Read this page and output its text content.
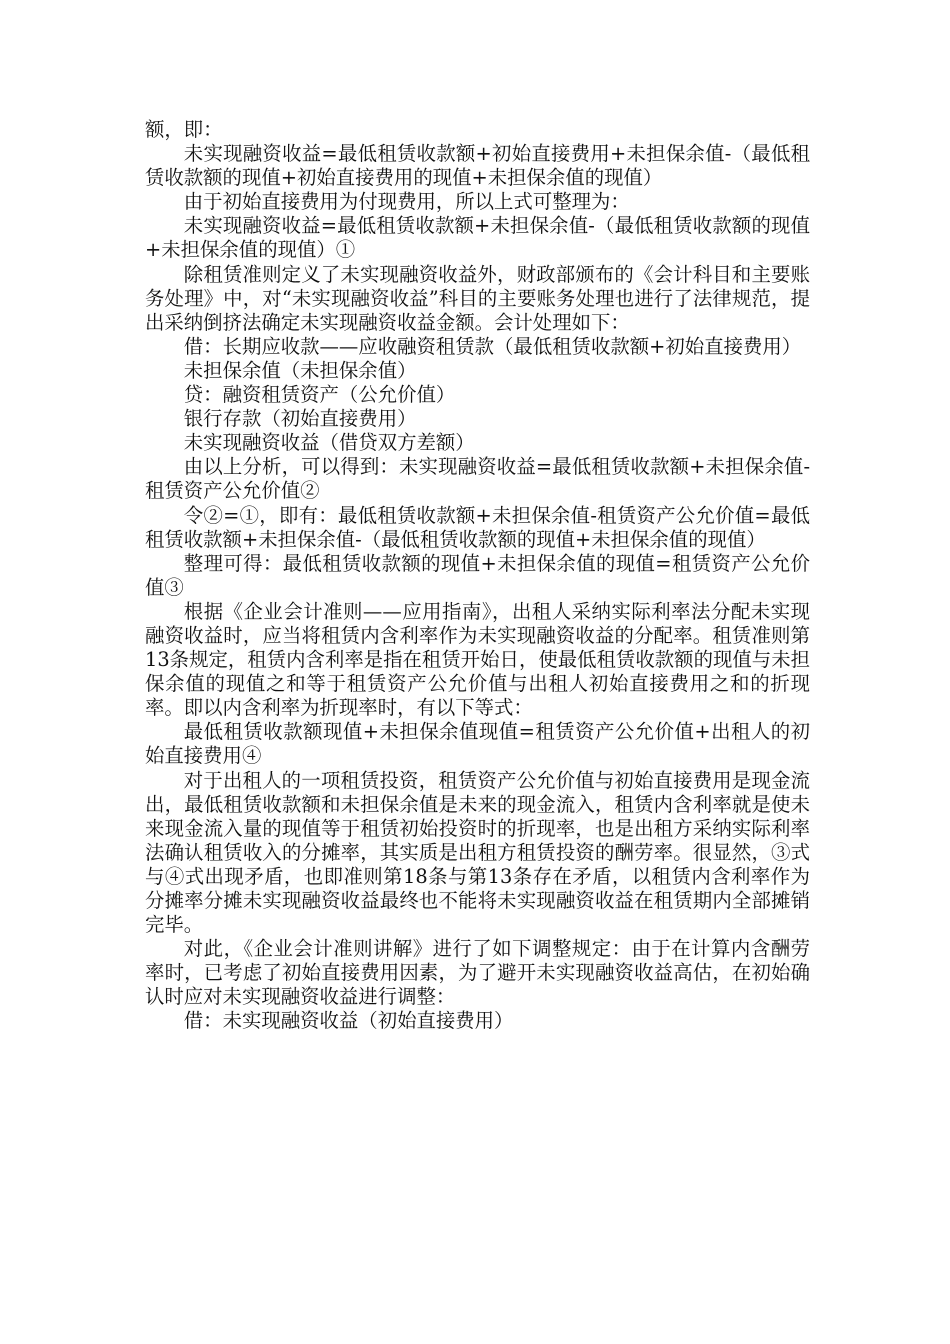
额，即：

未实现融资收益=最低租赁收款额+初始直接费用+未担保余值-（最低租赁收款额的现值+初始直接费用的现值+未担保余值的现值）

由于初始直接费用为付现费用，所以上式可整理为：

未实现融资收益=最低租赁收款额+未担保余值-（最低租赁收款额的现值+未担保余值的现值）①

除租赁准则定义了未实现融资收益外，财政部颁布的《会计科目和主要账务处理》中，对“未实现融资收益”科目的主要账务处理也进行了法律规范，提出采纳倒挤法确定未实现融资收益金额。会计处理如下：

借：长期应收款——应收融资租赁款（最低租赁收款额+初始直接费用）

未担保余值（未担保余值）

贷：融资租赁资产（公允价值）

银行存款（初始直接费用）

未实现融资收益（借贷双方差额）

由以上分析，可以得到：未实现融资收益=最低租赁收款额+未担保余值-租赁资产公允价值②

令②=①，即有：最低租赁收款额+未担保余值-租赁资产公允价值=最低租赁收款额+未担保余值-（最低租赁收款额的现值+未担保余值的现值）

整理可得：最低租赁收款额的现值+未担保余值的现值=租赁资产公允价值③

根据《企业会计准则——应用指南》，出租人采纳实际利率法分配未实现融资收益时，应当将租赁内含利率作为未实现融资收益的分配率。租赁准则第13条规定，租赁内含利率是指在租赁开始日，使最低租赁收款额的现值与未担保余值的现值之和等于租赁资产公允价值与出租人初始直接费用之和的折现率。即以内含利率为折现率时，有以下等式：

最低租赁收款额现值+未担保余值现值=租赁资产公允价值+出租人的初始直接费用④

对于出租人的一项租赁投资，租赁资产公允价值与初始直接费用是现金流出，最低租赁收款额和未担保余值是未来的现金流入，租赁内含利率就是使未来现金流入量的现值等于租赁初始投资时的折现率，也是出租方采纳实际利率法确认租赁收入的分摊率，其实质是出租方租赁投资的酬劳率。很显然，③式与④式出现矛盾，也即准则第18条与第13条存在矛盾，以租赁内含利率作为分摊率分摊未实现融资收益最终也不能将未实现融资收益在租赁期内全部摊销完毕。

对此，《企业会计准则讲解》进行了如下调整规定：由于在计算内含酬劳率时，已考虑了初始直接费用因素，为了避开未实现融资收益高估，在初始确认时应对未实现融资收益进行调整：

借：未实现融资收益（初始直接费用）
